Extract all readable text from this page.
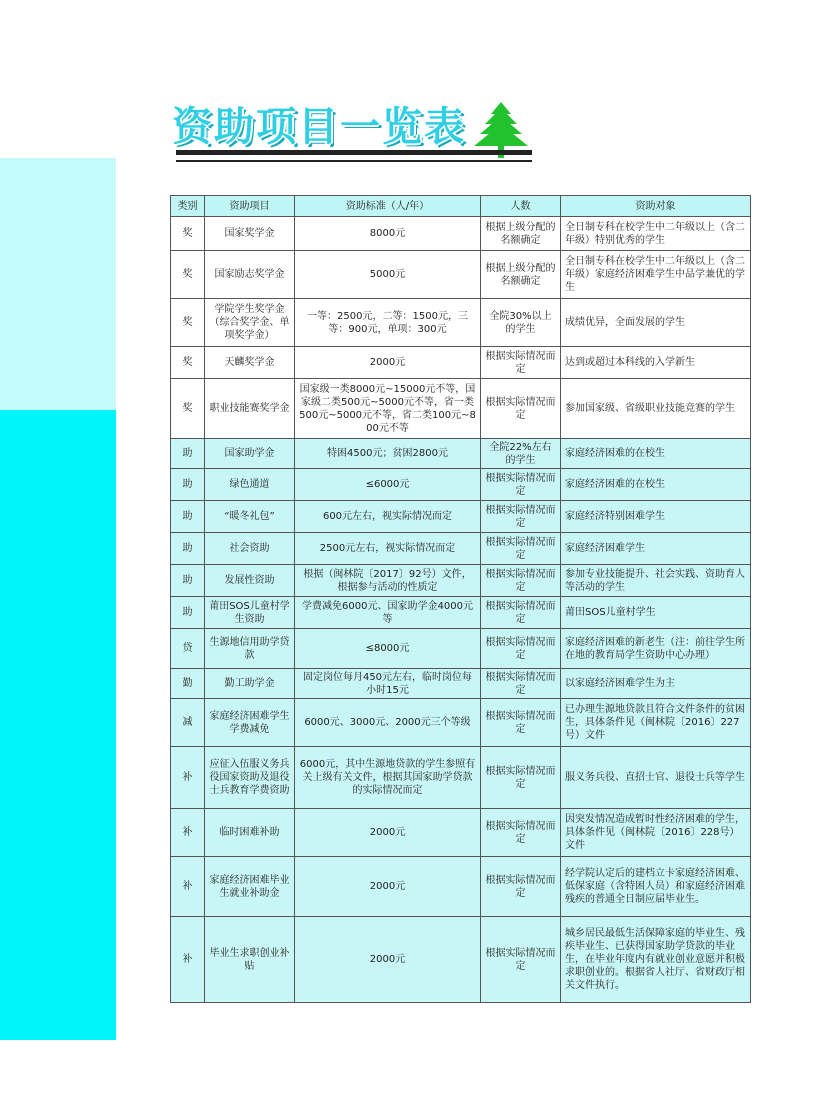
资助项目一览表
类别	资助项目	资助标准（人/年）	人数	资助对象
奖	国家奖学金	8000元	根据上级分配的名额确定	全日制专科在校学生中二年级以上（含二年级）特别优秀的学生
奖	国家励志奖学金	5000元	根据上级分配的名额确定	全日制专科在校学生中二年级以上（含二年级）家庭经济困难学生中品学兼优的学生
奖	学院学生奖学金（综合奖学金、单项奖学金）	一等：2500元，二等：1500元，三等：900元，单项：300元	全院30%以上的学生	成绩优异，全面发展的学生
奖	天麟奖学金	2000元	根据实际情况而定	达到或超过本科线的入学新生
奖	职业技能赛奖学金	国家级一类8000元~15000元不等，国家级二类500元~5000元不等，省一类500元~5000元不等，省二类100元~800元不等	根据实际情况而定	参加国家级、省级职业技能竞赛的学生
助	国家助学金	特困4500元；贫困2800元	全院22%左右的学生	家庭经济困难的在校生
助	绿色通道	≤6000元	根据实际情况而定	家庭经济困难的在校生
助	“暖冬礼包”	600元左右，视实际情况而定	根据实际情况而定	家庭经济特别困难学生
助	社会资助	2500元左右，视实际情况而定	根据实际情况而定	家庭经济困难学生
助	发展性资助	根据（闽林院〔2017〕92号）文件，根据参与活动的性质定	根据实际情况而定	参加专业技能提升、社会实践、资助育人等活动的学生
助	莆田SOS儿童村学生资助	学费减免6000元、国家助学金4000元等	根据实际情况而定	莆田SOS儿童村学生
贷	生源地信用助学贷款	≤8000元	根据实际情况而定	家庭经济困难的新老生（注：前往学生所在地的教育局学生资助中心办理）
勤	勤工助学金	固定岗位每月450元左右，临时岗位每小时15元	根据实际情况而定	以家庭经济困难学生为主
减	家庭经济困难学生学费减免	6000元、3000元、2000元三个等级	根据实际情况而定	已办理生源地贷款且符合文件条件的贫困生，具体条件见（闽林院〔2016〕227号）文件
补	应征入伍服义务兵役国家资助及退役士兵教育学费资助	6000元，其中生源地贷款的学生参照有关上级有关文件，根据其国家助学贷款的实际情况而定	根据实际情况而定	服义务兵役、直招士官、退役士兵等学生
补	临时困难补助	2000元	根据实际情况而定	因突发情况造成暂时性经济困难的学生，具体条件见（闽林院〔2016〕228号）文件
补	家庭经济困难毕业生就业补助金	2000元	根据实际情况而定	经学院认定后的建档立卡家庭经济困难、低保家庭（含特困人员）和家庭经济困难残疾的普通全日制应届毕业生。
补	毕业生求职创业补贴	2000元	根据实际情况而定	城乡居民最低生活保障家庭的毕业生、残疾毕业生、已获得国家助学贷款的毕业生，在毕业年度内有就业创业意愿并积极求职创业的。根据省人社厅、省财政厅相关文件执行。
